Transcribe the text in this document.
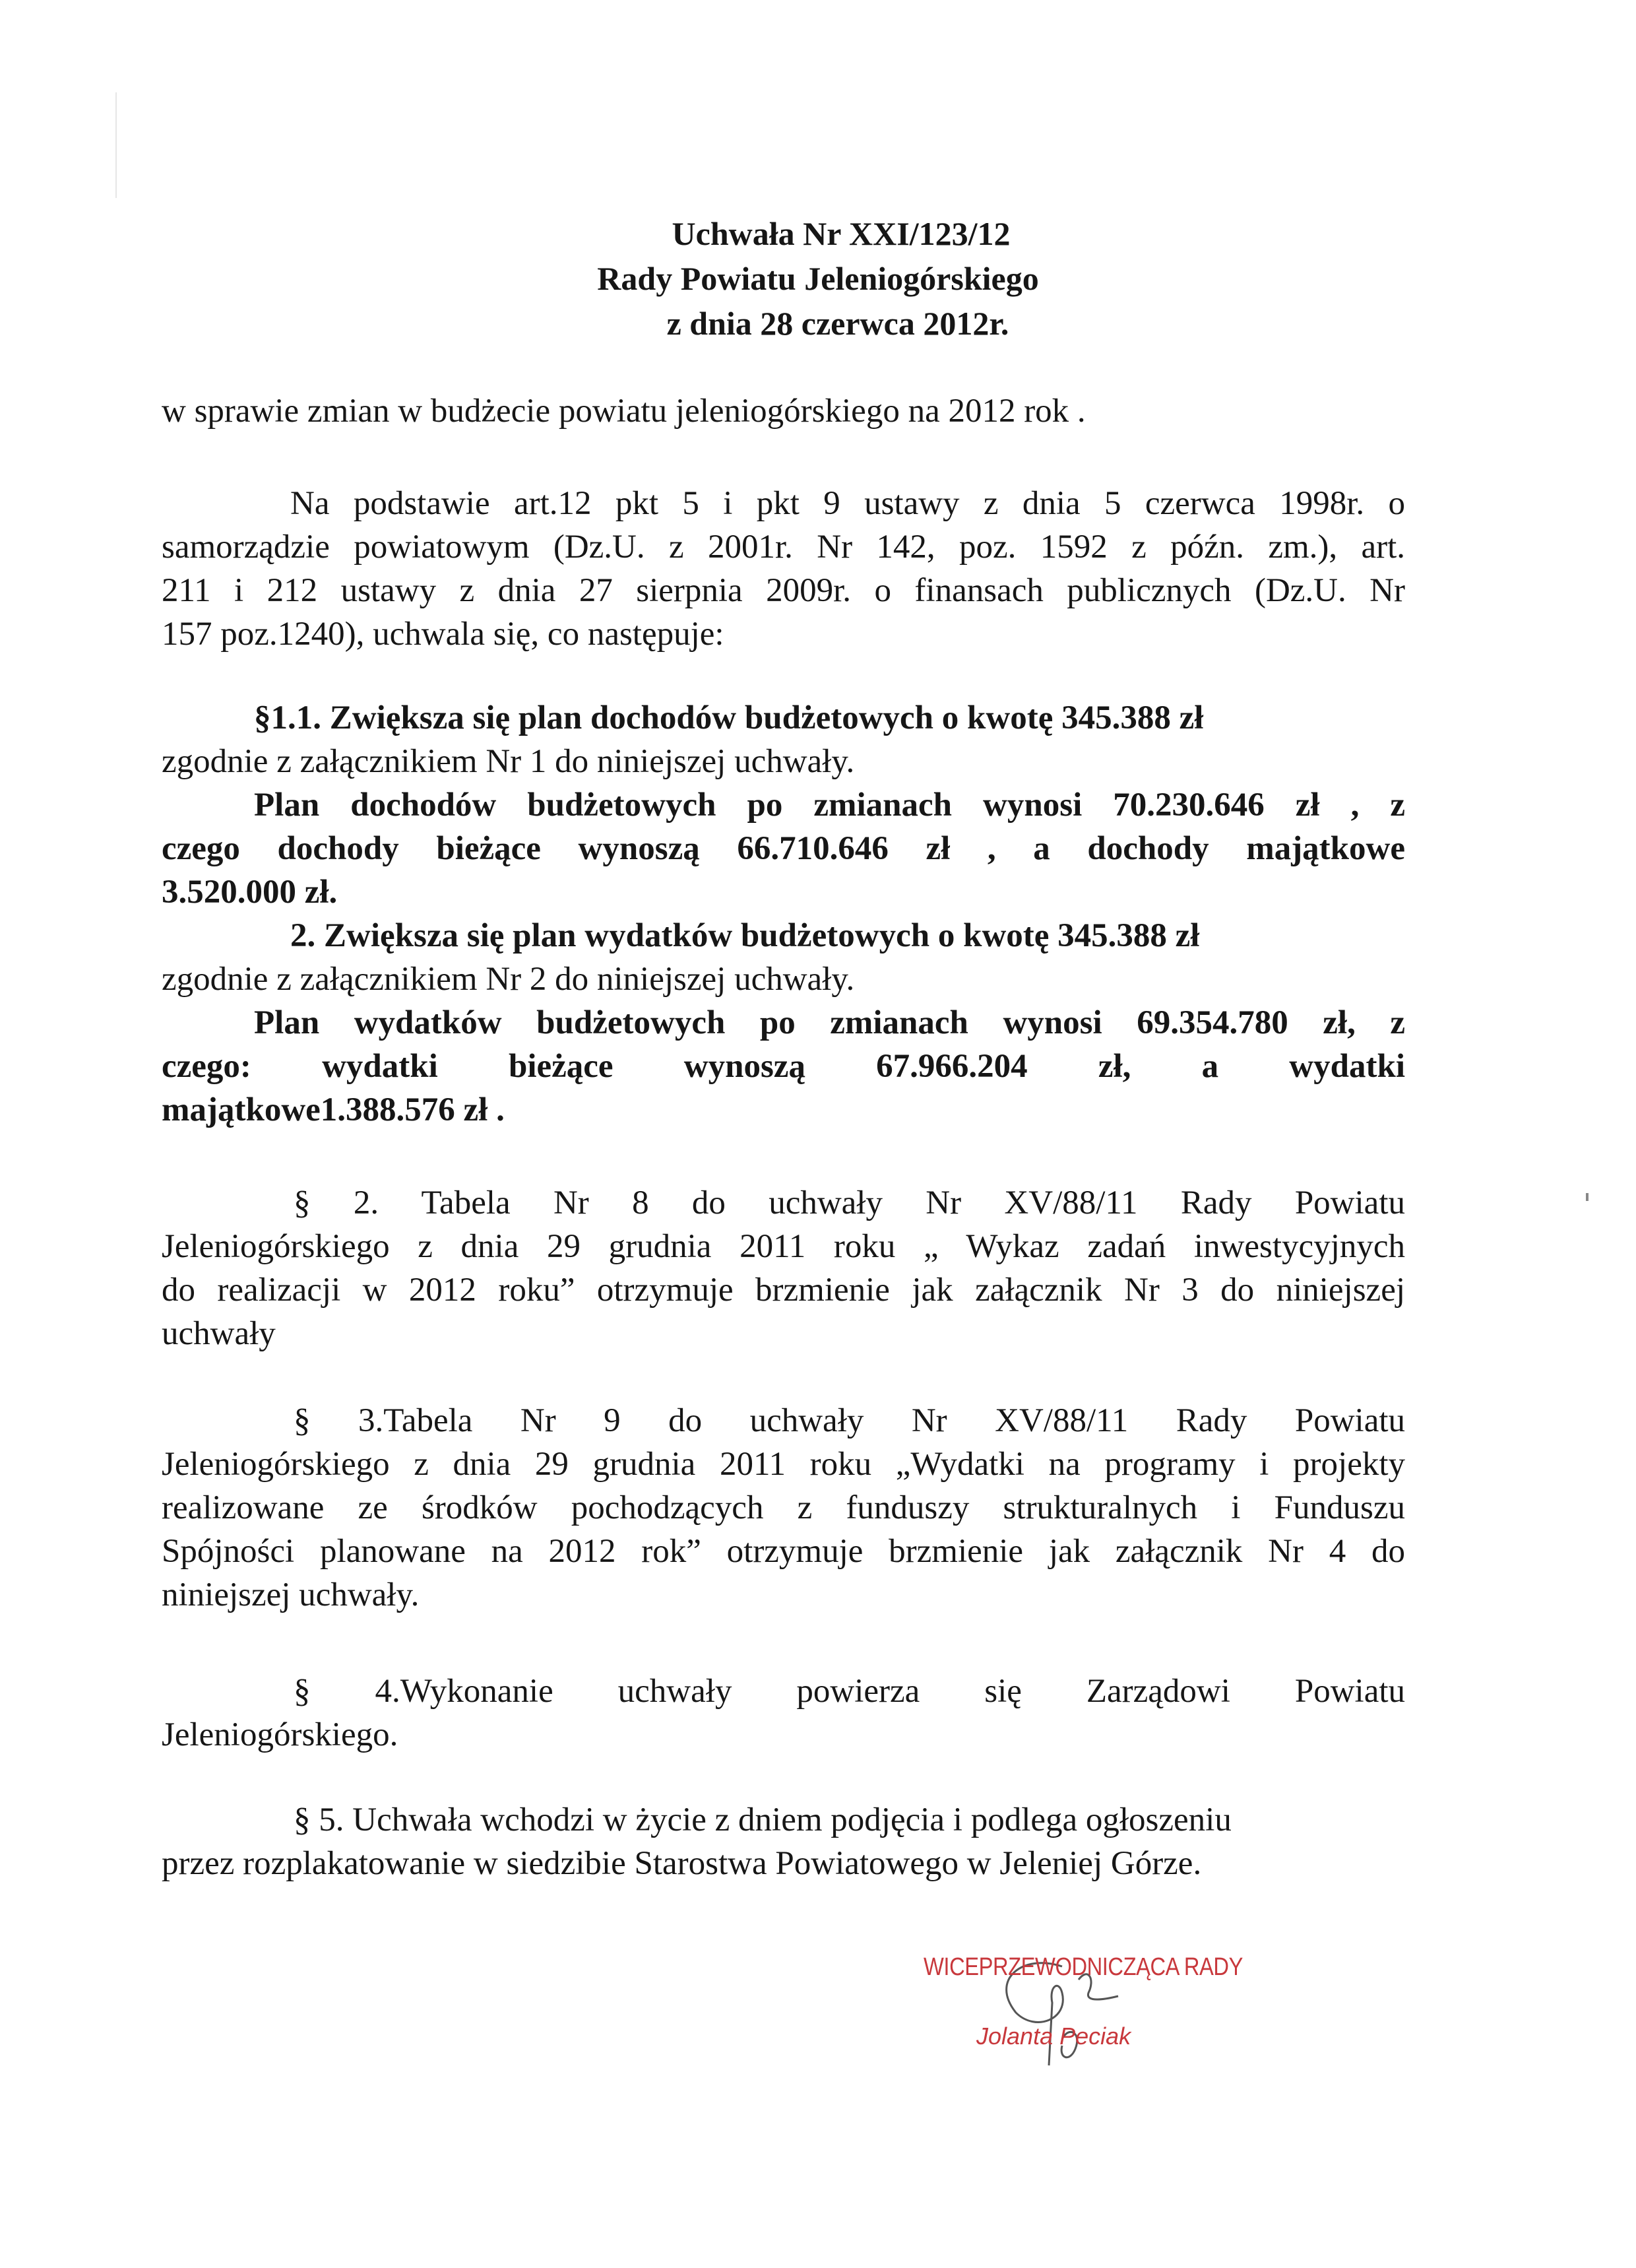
Uchwała Nr XXI/123/12
Rady Powiatu Jeleniogórskiego
z dnia 28 czerwca 2012r.
w sprawie zmian w budżecie powiatu jeleniogórskiego na 2012 rok .
Na podstawie art.12 pkt 5 i pkt 9 ustawy z dnia 5 czerwca 1998r. o
samorządzie powiatowym (Dz.U. z 2001r. Nr 142, poz. 1592 z późn. zm.), art.
211 i 212 ustawy z dnia 27 sierpnia 2009r. o finansach publicznych (Dz.U. Nr
157 poz.1240), uchwala się, co następuje:
§1.1. Zwiększa się plan dochodów budżetowych o kwotę 345.388 zł
zgodnie z załącznikiem Nr 1 do niniejszej uchwały.
Plan dochodów budżetowych po zmianach wynosi 70.230.646 zł , z
czego dochody bieżące wynoszą 66.710.646 zł , a dochody majątkowe
3.520.000 zł.
2. Zwiększa się plan wydatków budżetowych o kwotę 345.388 zł
zgodnie z załącznikiem Nr 2 do niniejszej uchwały.
Plan wydatków budżetowych po zmianach wynosi 69.354.780 zł, z
czego: wydatki bieżące wynoszą 67.966.204 zł, a wydatki
majątkowe1.388.576 zł .
§ 2. Tabela Nr 8 do uchwały Nr XV/88/11 Rady Powiatu
Jeleniogórskiego z dnia 29 grudnia 2011 roku „ Wykaz zadań inwestycyjnych
do realizacji w 2012 roku” otrzymuje brzmienie jak załącznik Nr 3 do niniejszej
uchwały
§ 3.Tabela Nr 9 do uchwały Nr XV/88/11 Rady Powiatu
Jeleniogórskiego z dnia 29 grudnia 2011 roku „Wydatki na programy i projekty
realizowane ze środków pochodzących z funduszy strukturalnych i Funduszu
Spójności planowane na 2012 rok” otrzymuje brzmienie jak załącznik Nr 4 do
niniejszej uchwały.
§ 4.Wykonanie uchwały powierza się Zarządowi Powiatu
Jeleniogórskiego.
§ 5. Uchwała wchodzi w życie z dniem podjęcia i podlega ogłoszeniu
przez rozplakatowanie w siedzibie Starostwa Powiatowego w Jeleniej Górze.
WICEPRZEWODNICZĄCA RADY
Jolanta Peciak
